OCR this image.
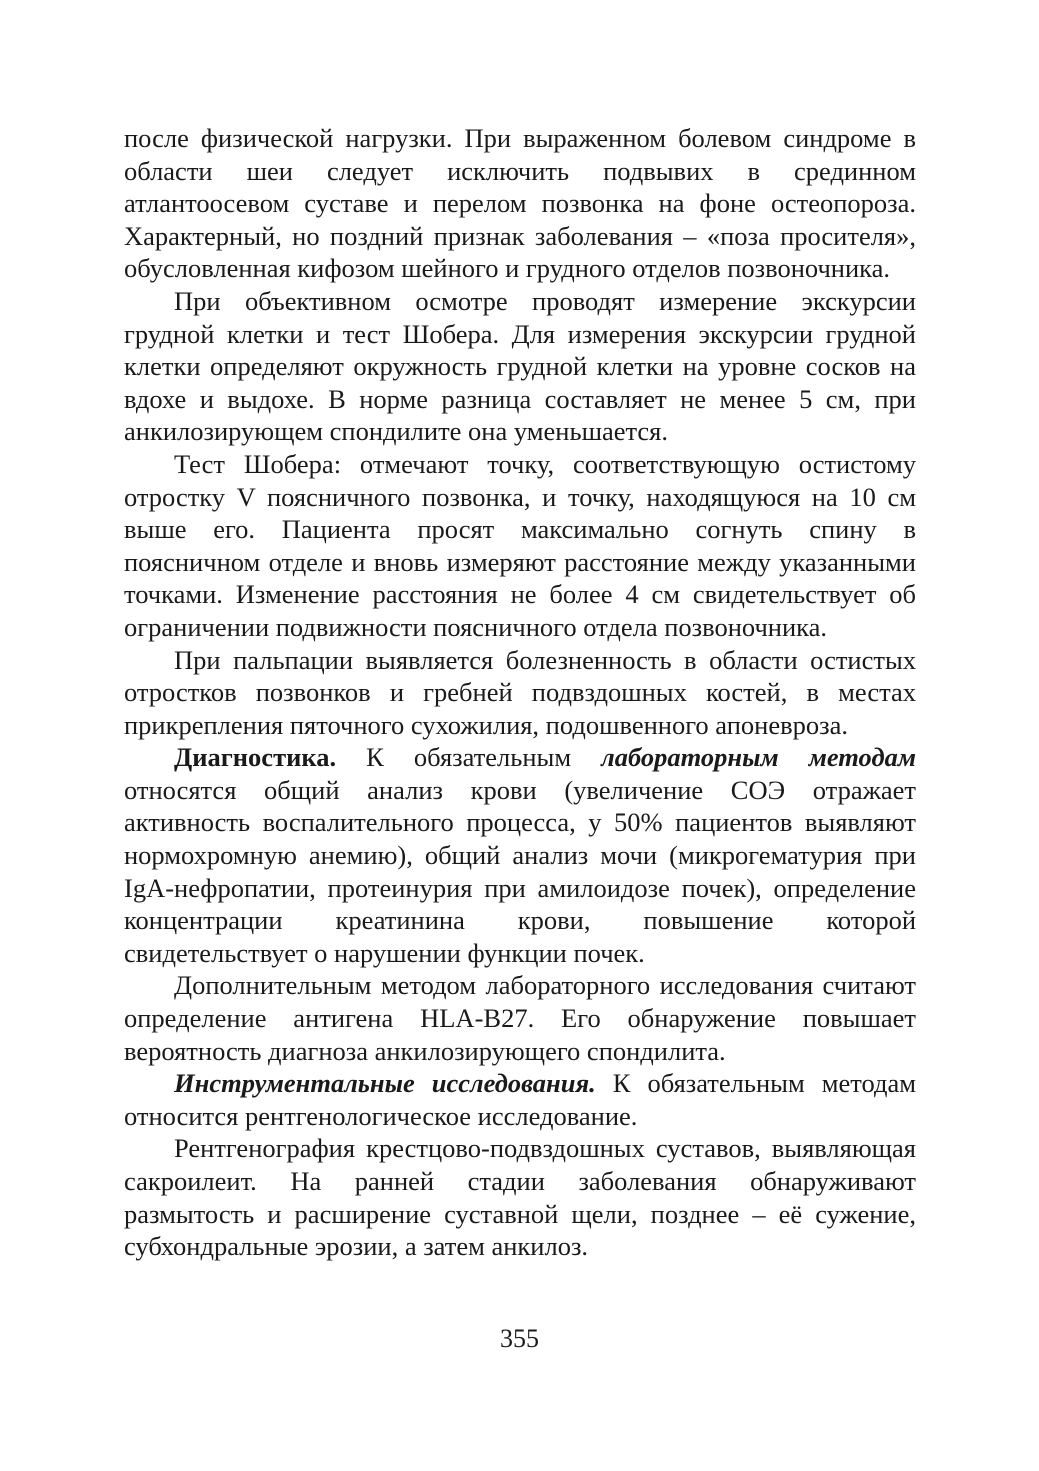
после физической нагрузки. При выраженном болевом синдроме в области шеи следует исключить подвывих в срединном атлантоосевом суставе и перелом позвонка на фоне остеопороза. Характерный, но поздний признак заболевания – «поза просителя», обусловленная кифозом шейного и грудного отделов позвоночника.

При объективном осмотре проводят измерение экскурсии грудной клетки и тест Шобера. Для измерения экскурсии грудной клетки определяют окружность грудной клетки на уровне сосков на вдохе и выдохе. В норме разница составляет не менее 5 см, при анкилозирующем спондилите она уменьшается.

Тест Шобера: отмечают точку, соответствующую остистому отростку V поясничного позвонка, и точку, находящуюся на 10 см выше его. Пациента просят максимально согнуть спину в поясничном отделе и вновь измеряют расстояние между указанными точками. Изменение расстояния не более 4 см свидетельствует об ограничении подвижности поясничного отдела позвоночника.

При пальпации выявляется болезненность в области остистых отростков позвонков и гребней подвздошных костей, в местах прикрепления пяточного сухожилия, подошвенного апоневроза.

Диагностика. К обязательным лабораторным методам относятся общий анализ крови (увеличение СОЭ отражает активность воспалительного процесса, у 50% пациентов выявляют нормохромную анемию), общий анализ мочи (микрогематурия при IgA-нефропатии, протеинурия при амилоидозе почек), определение концентрации креатинина крови, повышение которой свидетельствует о нарушении функции почек.

Дополнительным методом лабораторного исследования считают определение антигена HLA-B27. Его обнаружение повышает вероятность диагноза анкилозирующего спондилита.

Инструментальные исследования. К обязательным методам относится рентгенологическое исследование.

Рентгенография крестцово-подвздошных суставов, выявляющая сакроилеит. На ранней стадии заболевания обнаруживают размытость и расширение суставной щели, позднее – её сужение, субхондральные эрозии, а затем анкилоз.

355
